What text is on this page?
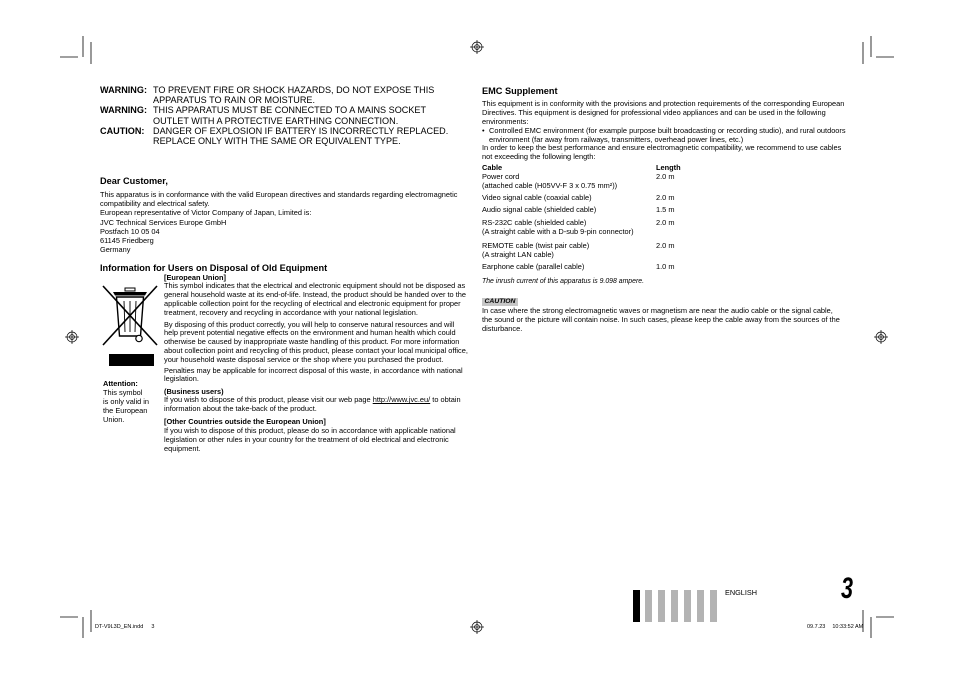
WARNING: TO PREVENT FIRE OR SHOCK HAZARDS, DO NOT EXPOSE THIS
APPARATUS TO RAIN OR MOISTURE.
WARNING: THIS APPARATUS MUST BE CONNECTED TO A MAINS SOCKET
OUTLET WITH A PROTECTIVE EARTHING CONNECTION.
CAUTION: DANGER OF EXPLOSION IF BATTERY IS INCORRECTLY REPLACED.
REPLACE ONLY WITH THE SAME OR EQUIVALENT TYPE.
Dear Customer,
This apparatus is in conformance with the valid European directives and standards regarding electromagnetic
compatibility and electrical safety.
European representative of Victor Company of Japan, Limited is:
JVC Technical Services Europe GmbH
Postfach 10 05 04
61145 Friedberg
Germany
Information for Users on Disposal of Old Equipment
Attention:
This symbol
is only valid in
the European
Union.
[European Union]
This symbol indicates that the electrical and electronic equipment should not be disposed as
general household waste at its end-of-life. Instead, the product should be handed over to the
applicable collection point for the recycling of electrical and electronic equipment for proper
treatment, recovery and recycling in accordance with your national legislation.
By disposing of this product correctly, you will help to conserve natural resources and will
help prevent potential negative effects on the environment and human health which could
otherwise be caused by inappropriate waste handling of this product. For more information
about collection point and recycling of this product, please contact your local municipal office,
your household waste disposal service or the shop where you purchased the product.
Penalties may be applicable for incorrect disposal of this waste, in accordance with national
legislation.
(Business users)
If you wish to dispose of this product, please visit our web page http://www.jvc.eu/ to obtain
information about the take-back of the product.
[Other Countries outside the European Union]
If you wish to dispose of this product, please do so in accordance with applicable national
legislation or other rules in your country for the treatment of old electrical and electronic
equipment.
EMC Supplement
This equipment is in conformity with the provisions and protection requirements of the corresponding European
Directives. This equipment is designed for professional video appliances and can be used in the following
environments:
• Controlled EMC environment (for example purpose built broadcasting or recording studio), and rural outdoors
environment (far away from railways, transmitters, overhead power lines, etc.)
In order to keep the best performance and ensure electromagnetic compatibility, we recommend to use cables
not exceeding the following length:
Cable	Length
Power cord
(attached cable (H05VV-F 3 x 0.75 mm²))
2.0 m
Video signal cable (coaxial cable)	2.0 m
Audio signal cable (shielded cable)	1.5 m
RS-232C cable (shielded cable)
(A straight cable with a D-sub 9-pin connector)
2.0 m
REMOTE cable (twist pair cable)
(A straight LAN cable)
2.0 m
Earphone cable (parallel cable)	1.0 m
The inrush current of this apparatus is 9.098 ampere.
CAUTION
In case where the strong electromagnetic waves or magnetism are near the audio cable or the signal cable,
the sound or the picture will contain noise. In such cases, please keep the cable away from the sources of the
disturbance.
ENGLISH	3
DT-V9L3D_EN.indd 3	09.7.23 10:33:52 AM
